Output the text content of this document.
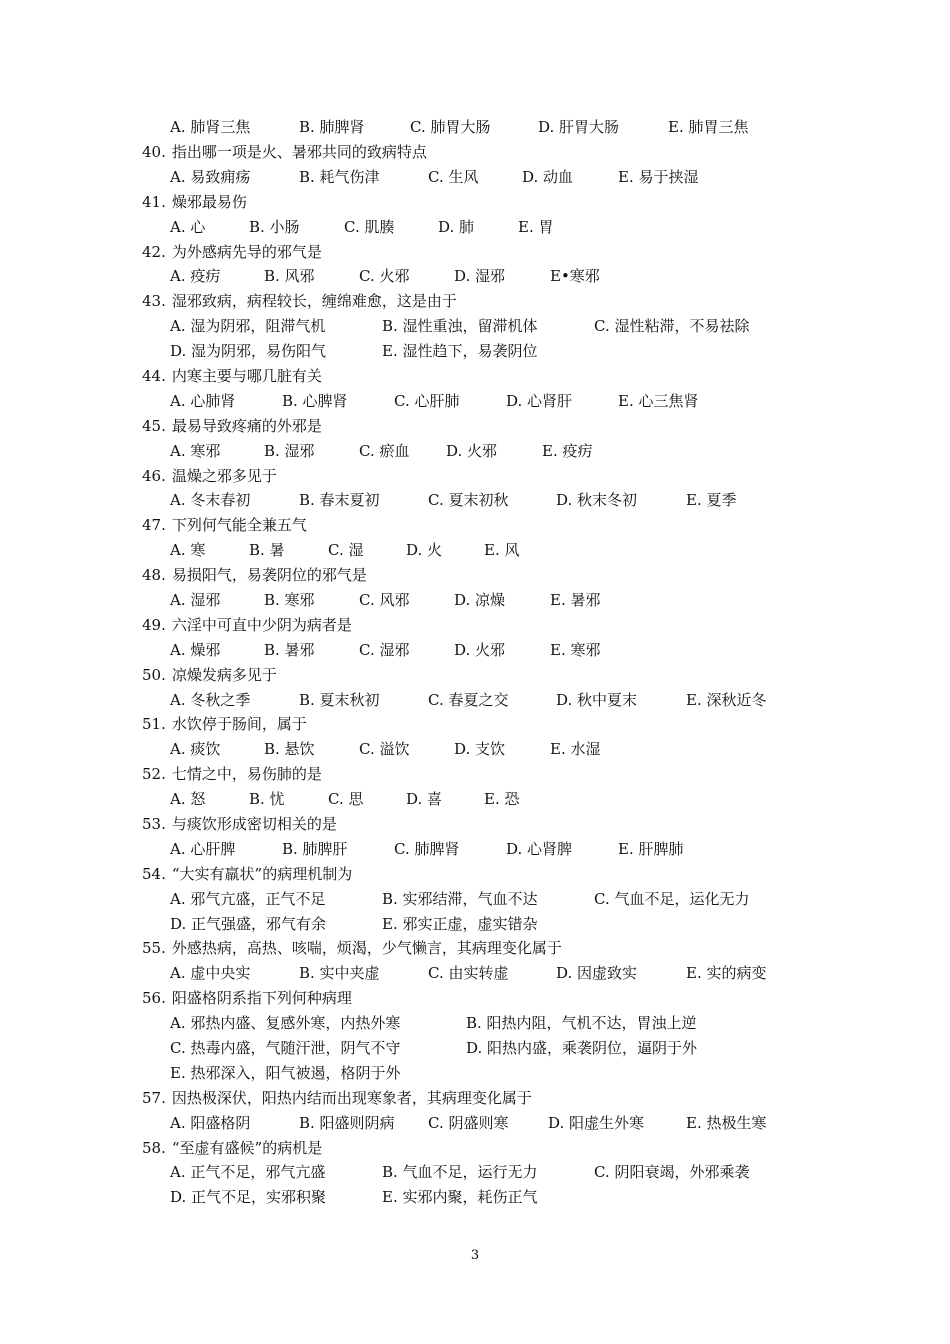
A. 肺肾三焦	B. 肺脾肾	C. 肺胃大肠	D. 肝胃大肠	E. 肺胃三焦
40. 指出哪一项是火、暑邪共同的致病特点
A. 易致痈疡	B. 耗气伤津	C. 生风	D. 动血	E. 易于挟湿
41. 燥邪最易伤
A. 心	B. 小肠	C. 肌腠	D. 肺	E. 胃
42. 为外感病先导的邪气是
A. 疫疠	B. 风邪	C. 火邪	D. 湿邪	E•寒邪
43. 湿邪致病，病程较长，缠绵难愈，这是由于
A. 湿为阴邪，阻滞气机	B. 湿性重浊，留滞机体	C. 湿性粘滞，不易祛除
D. 湿为阴邪，易伤阳气	E. 湿性趋下，易袭阴位
44. 内寒主要与哪几脏有关
A. 心肺肾	B. 心脾肾	C. 心肝肺	D. 心肾肝	E. 心三焦肾
45. 最易导致疼痛的外邪是
A. 寒邪	B. 湿邪	C. 瘀血 D. 火邪	E. 疫疠
46. 温燥之邪多见于
A. 冬末春初	B. 春末夏初	C. 夏末初秋	D. 秋末冬初	E. 夏季
47. 下列何气能全兼五气
A. 寒	B. 暑	C. 湿	D. 火	E. 风
48. 易损阳气，易袭阴位的邪气是
A. 湿邪	B. 寒邪	C. 风邪	D. 凉燥	E. 暑邪
49. 六淫中可直中少阴为病者是
A. 燥邪	B. 暑邪	C. 湿邪	D. 火邪	E. 寒邪
50. 凉燥发病多见于
A. 冬秋之季	B. 夏末秋初	C. 春夏之交	D. 秋中夏末	E. 深秋近冬
51. 水饮停于肠间，属于
A. 痰饮	B. 悬饮	C. 溢饮	D. 支饮	E. 水湿
52. 七情之中，易伤肺的是
A. 怒	B. 忧	C. 思	D. 喜	E. 恐
53. 与痰饮形成密切相关的是
A. 心肝脾	B. 肺脾肝	C. 肺脾肾	D. 心肾脾	E. 肝脾肺
54. “大实有羸状”的病理机制为
A. 邪气亢盛，正气不足	B. 实邪结滞，气血不达	C. 气血不足，运化无力
D. 正气强盛，邪气有余	E. 邪实正虚，虚实错杂
55. 外感热病，高热、咳喘，烦渴，少气懒言，其病理变化属于
A. 虚中央实	B. 实中夹虚	C. 由实转虚	D. 因虚致实	E. 实的病变
56. 阳盛格阴系指下列何种病理
A. 邪热内盛、复感外寒，内热外寒	B. 阳热内阻，气机不达，胃浊上逆
C. 热毒内盛，气随汗泄，阴气不守	D. 阳热内盛，乘袭阴位，逼阴于外
E. 热邪深入，阳气被遏，格阴于外
57. 因热极深伏，阳热内结而出现寒象者，其病理变化属于
A. 阳盛格阴	B. 阳盛则阴病 C. 阴盛则寒	D. 阳虚生外寒	E. 热极生寒
58. “至虚有盛候”的病机是
A. 正气不足，邪气亢盛	B. 气血不足，运行无力	C. 阴阳衰竭，外邪乘袭
D. 正气不足，实邪积聚	E. 实邪内聚，耗伤正气
3
